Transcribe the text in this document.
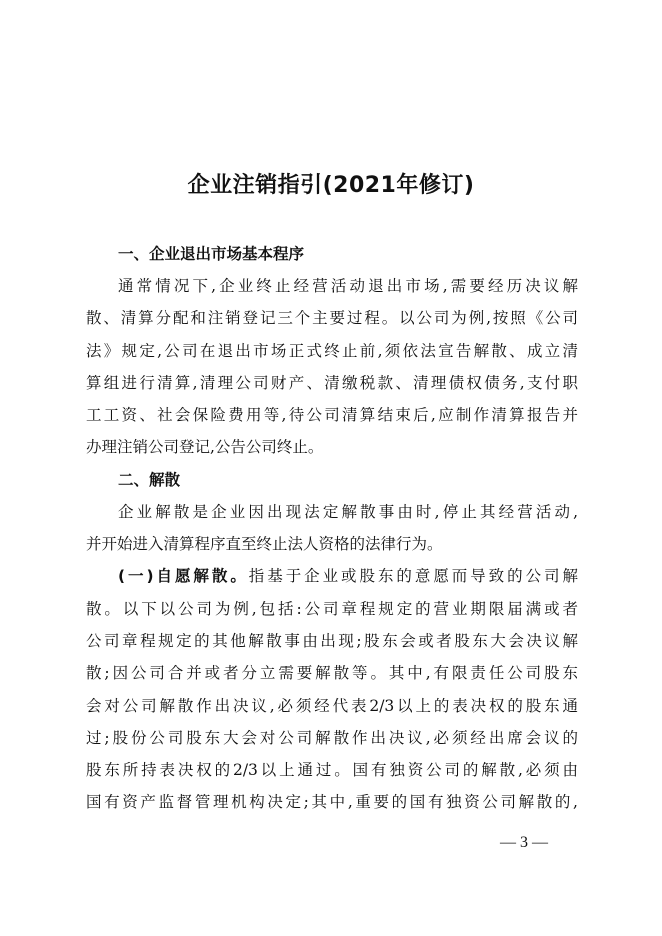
企业注销指引(2021年修订)
一、企业退出市场基本程序

通常情况下,企业终止经营活动退出市场,需要经历决议解
散、清算分配和注销登记三个主要过程。以公司为例,按照《公司
法》规定,公司在退出市场正式终止前,须依法宣告解散、成立清
算组进行清算,清理公司财产、清缴税款、清理债权债务,支付职
工工资、社会保险费用等,待公司清算结束后,应制作清算报告并
办理注销公司登记,公告公司终止。

二、解散

企业解散是企业因出现法定解散事由时,停止其经营活动,
并开始进入清算程序直至终止法人资格的法律行为。

(一)自愿解散。指基于企业或股东的意愿而导致的公司解
散。以下以公司为例,包括:公司章程规定的营业期限届满或者
公司章程规定的其他解散事由出现;股东会或者股东大会决议解
散;因公司合并或者分立需要解散等。其中,有限责任公司股东
会对公司解散作出决议,必须经代表2/3以上的表决权的股东通
过;股份公司股东大会对公司解散作出决议,必须经出席会议的
股东所持表决权的2/3以上通过。国有独资公司的解散,必须由
国有资产监督管理机构决定;其中,重要的国有独资公司解散的,

— 3 —
